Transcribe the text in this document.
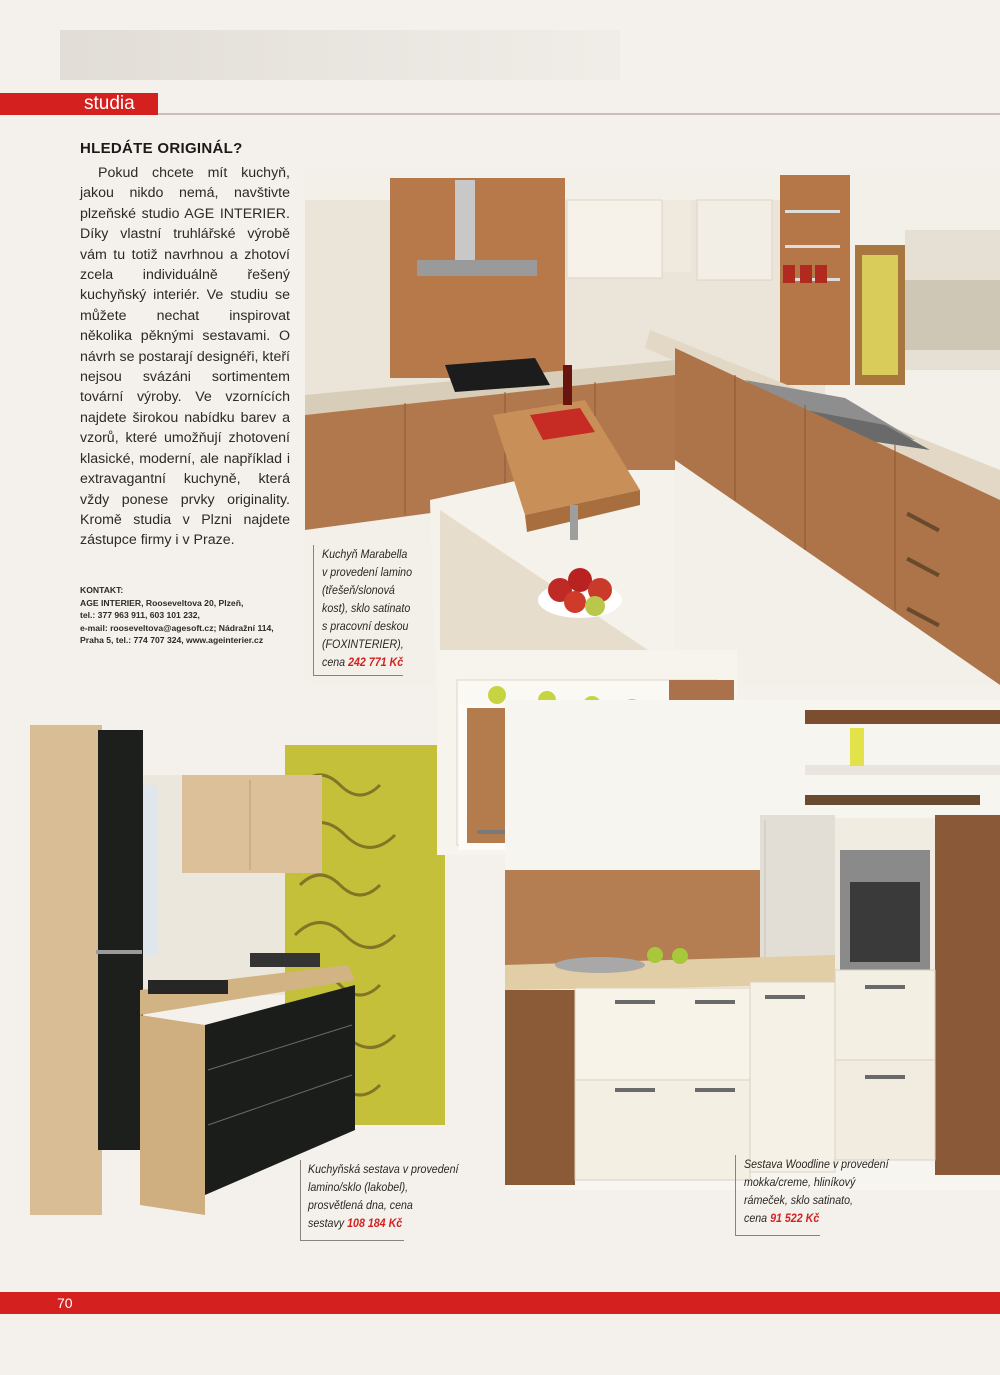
studia
HLEDÁTE ORIGINÁL?

Pokud chcete mít kuchyň, jakou nikdo nemá, navštivte plzeňské studio AGE INTERIER. Díky vlastní truhlářské výrobě vám tu totiž navrhnou a zhotoví zcela individuálně řešený kuchyňský interiér. Ve studiu se můžete nechat inspirovat několika pěknými sestavami. O návrh se postarají designéři, kteří nejsou svázáni sortimentem tovární výroby. Ve vzornících najdete širokou nabídku barev a vzorů, které umožňují zhotovení klasické, moderní, ale například i extravagantní kuchyně, která vždy ponese prvky originality. Kromě studia v Plzni najdete zástupce firmy i v Praze.

KONTAKT:
AGE INTERIER, Rooseveltova 20, Plzeň,
tel.: 377 963 911, 603 101 232,
e-mail: rooseveltova@agesoft.cz; Nádražní 114,
Praha 5, tel.: 774 707 324, www.ageinterier.cz
Kuchyň Marabella
v provedení lamino
(třešeň/slonová
kost), sklo satinato
s pracovní deskou
(FOXINTERIER),
cena 242 771 Kč
Kuchyňská sestava v provedení
lamino/sklo (lakobel),
prosvětlená dna, cena
sestavy 108 184 Kč
Sestava Woodline v provedení
mokka/creme, hliníkový
rámeček, sklo satinato,
cena 91 522 Kč
70
